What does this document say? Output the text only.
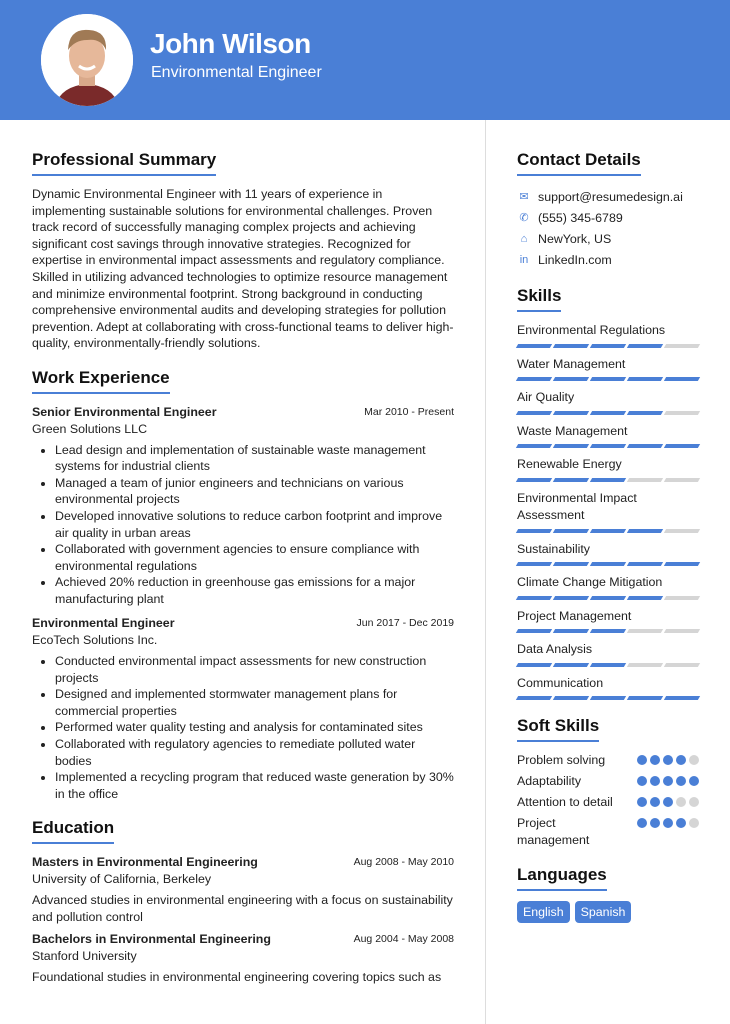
John Wilson
Environmental Engineer
Professional Summary

Dynamic Environmental Engineer with 11 years of experience in implementing sustainable solutions for environmental challenges. Proven track record of successfully managing complex projects and achieving significant cost savings through innovative strategies. Recognized for expertise in environmental impact assessments and regulatory compliance. Skilled in utilizing advanced technologies to optimize resource management and minimize environmental footprint. Strong background in conducting comprehensive environmental audits and developing strategies for pollution prevention. Adept at collaborating with cross-functional teams to deliver high-quality, environmentally-friendly solutions.

Work Experience
Senior Environmental Engineer	Mar 2010 - Present
Green Solutions LLC
• Lead design and implementation of sustainable waste management systems for industrial clients
• Managed a team of junior engineers and technicians on various environmental projects
• Developed innovative solutions to reduce carbon footprint and improve air quality in urban areas
• Collaborated with government agencies to ensure compliance with environmental regulations
• Achieved 20% reduction in greenhouse gas emissions for a major manufacturing plant
Environmental Engineer	Jun 2017 - Dec 2019
EcoTech Solutions Inc.
• Conducted environmental impact assessments for new construction projects
• Designed and implemented stormwater management plans for commercial properties
• Performed water quality testing and analysis for contaminated sites
• Collaborated with regulatory agencies to remediate polluted water bodies
• Implemented a recycling program that reduced waste generation by 30% in the office
Education
Masters in Environmental Engineering	Aug 2008 - May 2010
University of California, Berkeley

Advanced studies in environmental engineering with a focus on sustainability and pollution control

Bachelors in Environmental Engineering	Aug 2004 - May 2008
Stanford University

Foundational studies in environmental engineering covering topics such as

Contact Details
✉ support@resumedesign.ai
✆ (555) 345-6789
⌂ NewYork, US
in LinkedIn.com
Skills
Environmental Regulations
Water Management
Air Quality
Waste Management
Renewable Energy
Environmental Impact Assessment
Sustainability
Climate Change Mitigation
Project Management
Data Analysis
Communication
Soft Skills
Problem solving
Adaptability
Attention to detail
Project management
Languages
English	Spanish
